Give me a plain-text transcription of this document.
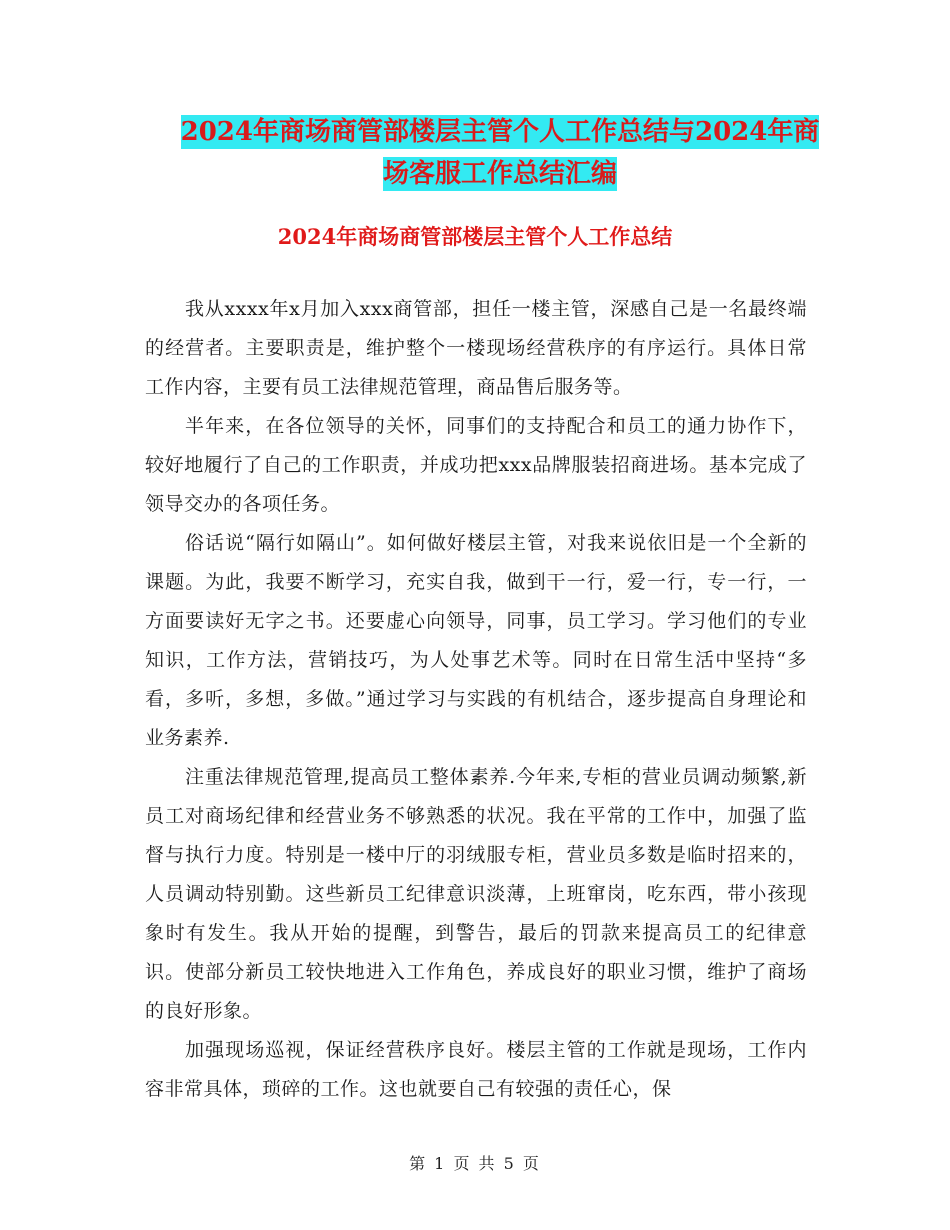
2024年商场商管部楼层主管个人工作总结与2024年商
场客服工作总结汇编
2024年商场商管部楼层主管个人工作总结

我从xxxx年x月加入xxx商管部，担任一楼主管，深感自己是一名最终端的经营者。主要职责是，维护整个一楼现场经营秩序的有序运行。具体日常工作内容，主要有员工法律规范管理，商品售后服务等。

半年来，在各位领导的关怀，同事们的支持配合和员工的通力协作下，较好地履行了自己的工作职责，并成功把xxx品牌服装招商进场。基本完成了领导交办的各项任务。

俗话说“隔行如隔山”。如何做好楼层主管，对我来说依旧是一个全新的课题。为此，我要不断学习，充实自我，做到干一行，爱一行，专一行，一方面要读好无字之书。还要虚心向领导，同事，员工学习。学习他们的专业知识，工作方法，营销技巧，为人处事艺术等。同时在日常生活中坚持“多看，多听，多想，多做。”通过学习与实践的有机结合，逐步提高自身理论和业务素养.

注重法律规范管理,提高员工整体素养.今年来,专柜的营业员调动频繁,新员工对商场纪律和经营业务不够熟悉的状况。我在平常的工作中，加强了监督与执行力度。特别是一楼中厅的羽绒服专柜，营业员多数是临时招来的，人员调动特别勤。这些新员工纪律意识淡薄，上班窜岗，吃东西，带小孩现象时有发生。我从开始的提醒，到警告，最后的罚款来提高员工的纪律意识。使部分新员工较快地进入工作角色，养成良好的职业习惯，维护了商场的良好形象。

加强现场巡视，保证经营秩序良好。楼层主管的工作就是现场，工作内容非常具体，琐碎的工作。这也就要自己有较强的责任心，保

第 1 页 共 5 页
